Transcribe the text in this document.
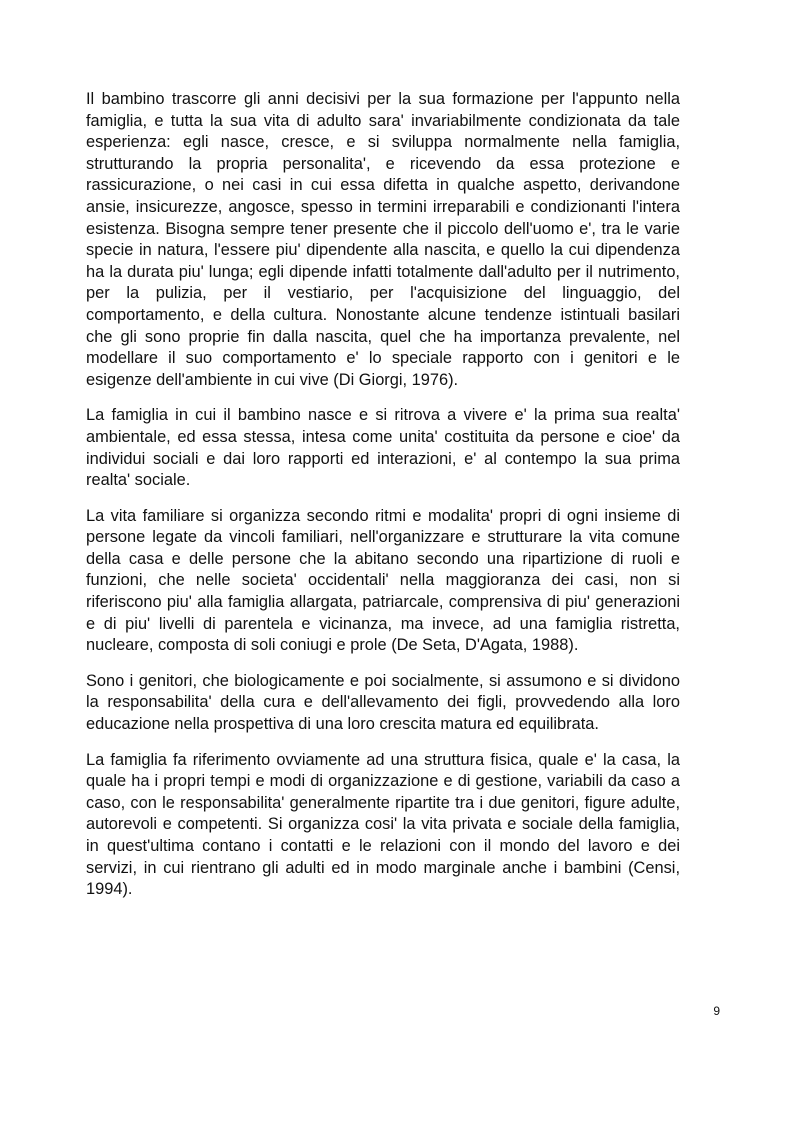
Il bambino trascorre gli anni decisivi per la sua formazione per l'appunto nella famiglia, e tutta la sua vita di adulto sara' invariabilmente condizionata da tale esperienza: egli nasce, cresce, e si sviluppa normalmente nella famiglia, strutturando la propria personalita', e ricevendo da essa protezione e rassicurazione, o nei casi in cui essa difetta in qualche aspetto, derivandone ansie, insicurezze, angosce, spesso in termini irreparabili e condizionanti l'intera esistenza. Bisogna sempre tener presente che il piccolo dell'uomo e', tra le varie specie in natura, l'essere piu' dipendente alla nascita, e quello la cui dipendenza ha la durata piu' lunga; egli dipende infatti totalmente dall'adulto per il nutrimento, per la pulizia, per il vestiario, per l'acquisizione del linguaggio, del comportamento, e della cultura. Nonostante alcune tendenze istintuali basilari che gli sono proprie fin dalla nascita, quel che ha importanza prevalente, nel modellare il suo comportamento e' lo speciale rapporto con i genitori e le esigenze dell'ambiente in cui vive (Di Giorgi, 1976).

La famiglia in cui il bambino nasce e si ritrova a vivere e' la prima sua realta' ambientale, ed essa stessa, intesa come unita' costituita da persone e cioe' da individui sociali e dai loro rapporti ed interazioni, e' al contempo la sua prima realta' sociale.

La vita familiare si organizza secondo ritmi e modalita' propri di ogni insieme di persone legate da vincoli familiari, nell'organizzare e strutturare la vita comune della casa e delle persone che la abitano secondo una ripartizione di ruoli e funzioni, che nelle societa' occidentali' nella maggioranza dei casi, non si riferiscono piu' alla famiglia allargata, patriarcale, comprensiva di piu' generazioni e di piu' livelli di parentela e vicinanza, ma invece, ad una famiglia ristretta, nucleare, composta di soli coniugi e prole (De Seta, D'Agata, 1988).

Sono i genitori, che biologicamente e poi socialmente, si assumono e si dividono la responsabilita' della cura e dell'allevamento dei figli, provvedendo alla loro educazione nella prospettiva di una loro crescita matura ed equilibrata.

La famiglia fa riferimento ovviamente ad una struttura fisica, quale e' la casa, la quale ha i propri tempi e modi di organizzazione e di gestione, variabili da caso a caso, con le responsabilita' generalmente ripartite tra i due genitori, figure adulte, autorevoli e competenti. Si organizza cosi' la vita privata e sociale della famiglia, in quest'ultima contano i contatti e le relazioni con il mondo del lavoro e dei servizi, in cui rientrano gli adulti ed in modo marginale anche i bambini (Censi, 1994).

9
